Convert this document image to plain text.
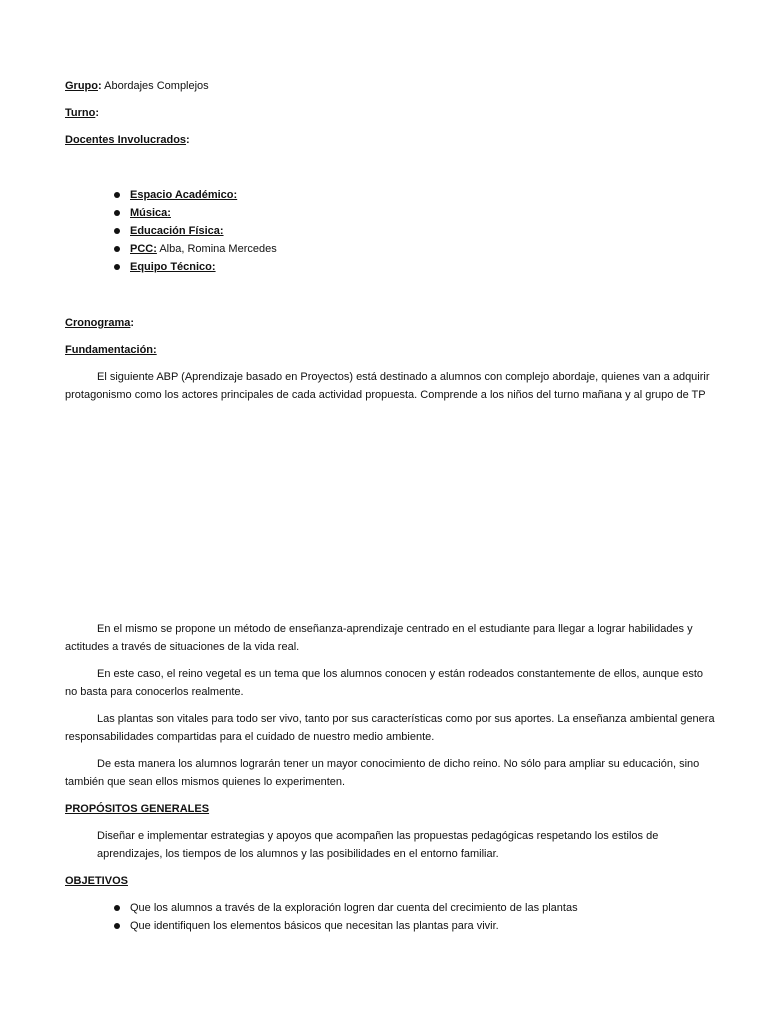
Grupo: Abordajes Complejos
Turno:
Docentes Involucrados:
Espacio Académico:
Música:
Educación Física:
PCC: Alba, Romina Mercedes
Equipo Técnico:
Cronograma:
Fundamentación:
El siguiente ABP (Aprendizaje basado en Proyectos) está destinado a alumnos con complejo abordaje, quienes van a adquirir protagonismo como los actores principales de cada actividad propuesta. Comprende a los niños del turno mañana y al grupo de TP
En el mismo se propone un método de enseñanza-aprendizaje centrado en el estudiante para llegar a lograr habilidades y actitudes a través de situaciones de la vida real.
En este caso, el reino vegetal es un tema que los alumnos conocen y están rodeados constantemente de ellos, aunque esto no basta para conocerlos realmente.
Las plantas son vitales para todo ser vivo, tanto por sus características como por sus aportes. La enseñanza ambiental genera responsabilidades compartidas para el cuidado de nuestro medio ambiente.
De esta manera los alumnos lograrán tener un mayor conocimiento de dicho reino. No sólo para ampliar su educación, sino también que sean ellos mismos quienes lo experimenten.
PROPÓSITOS GENERALES
Diseñar e implementar estrategias y apoyos que acompañen las propuestas pedagógicas respetando los estilos de aprendizajes, los tiempos de los alumnos y las posibilidades en el entorno familiar.
OBJETIVOS
Que los alumnos a través de la exploración logren dar cuenta del crecimiento de las plantas
Que identifiquen los elementos básicos que necesitan las plantas para vivir.
